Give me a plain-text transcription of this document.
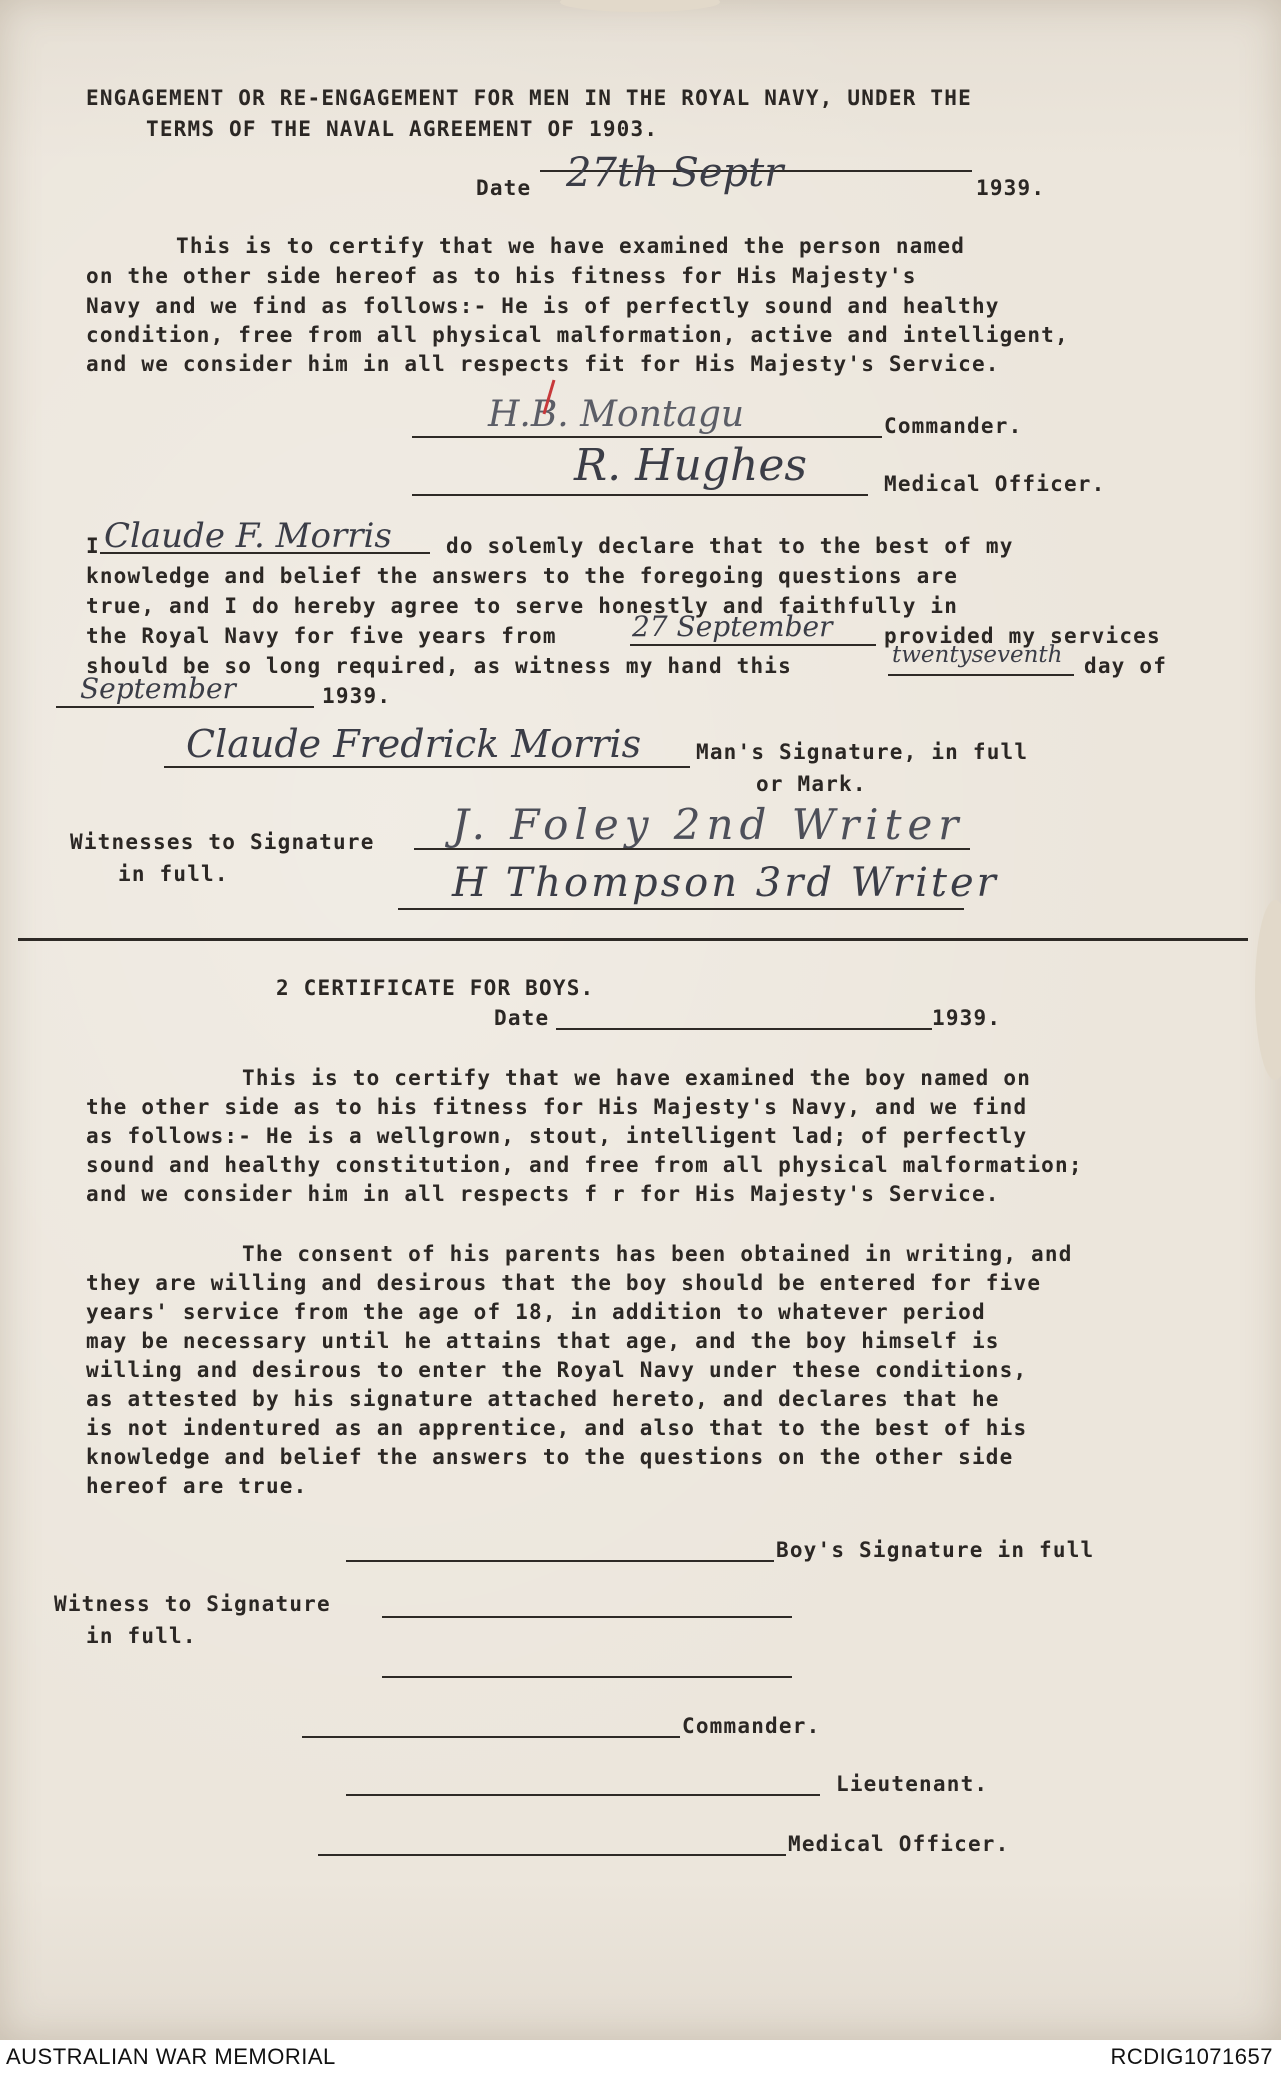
ENGAGEMENT OR RE-ENGAGEMENT FOR MEN IN THE ROYAL NAVY, UNDER THE
TERMS OF THE NAVAL AGREEMENT OF 1903.
Date 27th Septr	1939.
This is to certify that we have examined the person named
on the other side hereof as to his fitness for His Majesty's
Navy and we find as follows:- He is of perfectly sound and healthy
condition, free from all physical malformation, active and intelligent,
and we consider him in all respects fit for His Majesty's Service.
H.B. Montagu	Commander.
R. Hughes	Medical Officer.
I Claude F. Morris	do solemly declare that to the best of my
knowledge and belief the answers to the foregoing questions are
true, and I do hereby agree to serve honestly and faithfully in
the Royal Navy for five years from	27 September provided my services
should be so long required, as witness my hand this	twentyseventh day of
September	1939.
Claude Fredrick Morris	Man's Signature, in full
or Mark.
Witnesses to Signature
in full.
J. Foley 2nd Writer
H Thompson 3rd Writer
2 CERTIFICATE FOR BOYS.
Date	1939.
This is to certify that we have examined the boy named on
the other side as to his fitness for His Majesty's Navy, and we find
as follows:- He is a wellgrown, stout, intelligent lad; of perfectly
sound and healthy constitution, and free from all physical malformation;
and we consider him in all respects f r for His Majesty's Service.
The consent of his parents has been obtained in writing, and
they are willing and desirous that the boy should be entered for five
years' service from the age of 18, in addition to whatever period
may be necessary until he attains that age, and the boy himself is
willing and desirous to enter the Royal Navy under these conditions,
as attested by his signature attached hereto, and declares that he
is not indentured as an apprentice, and also that to the best of his
knowledge and belief the answers to the questions on the other side
hereof are true.
Boy's Signature in full
Witness to Signature
in full.
Commander.
Lieutenant.
Medical Officer.
AUSTRALIAN WAR MEMORIAL	RCDIG1071657
